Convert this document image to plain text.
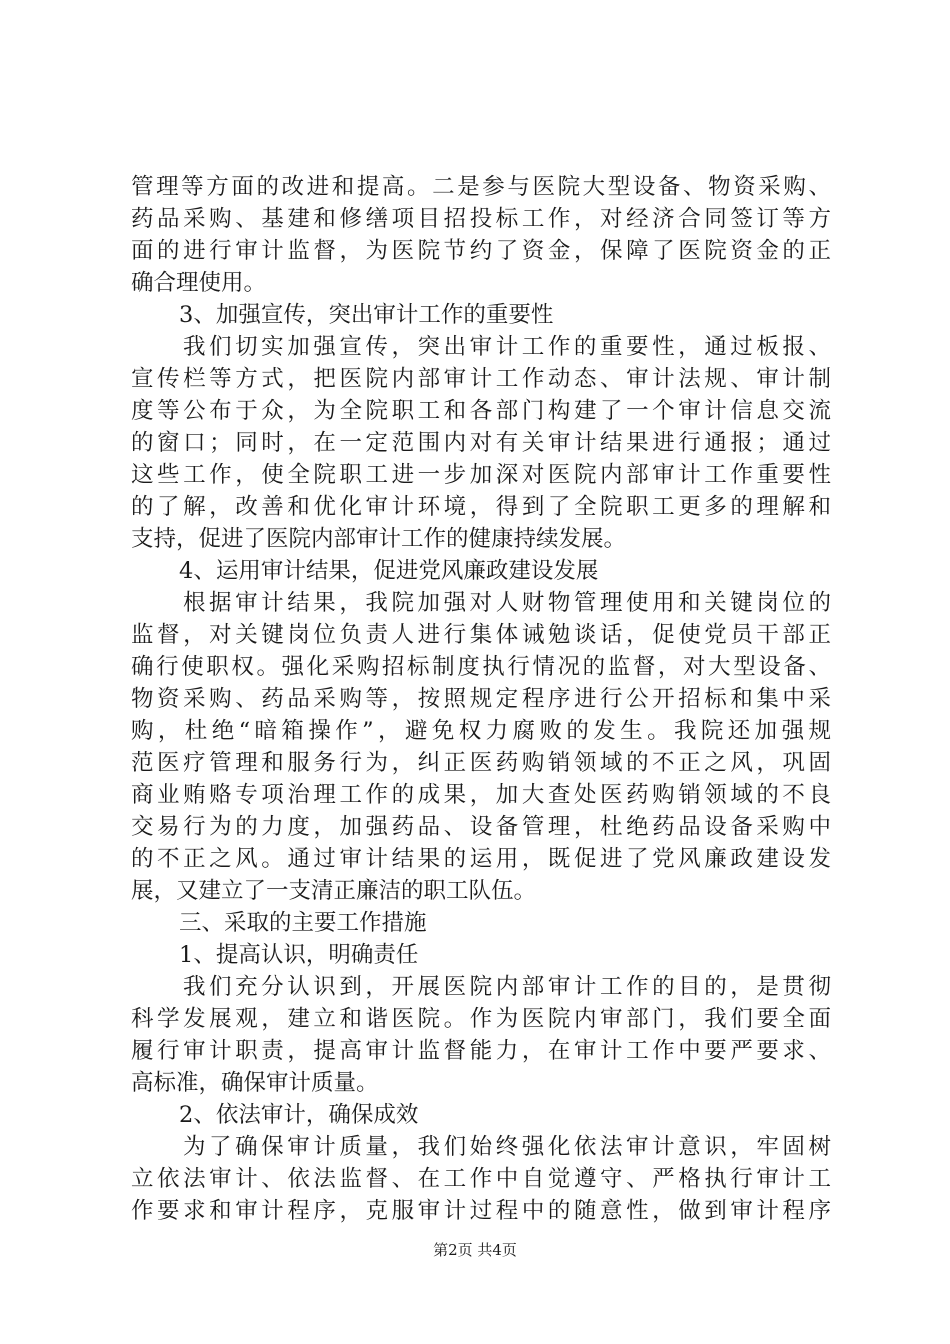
管理等方面的改进和提高。二是参与医院大型设备、物资采购、
药品采购、基建和修缮项目招投标工作，对经济合同签订等方
面的进行审计监督，为医院节约了资金，保障了医院资金的正
确合理使用。
3、加强宣传，突出审计工作的重要性
我们切实加强宣传，突出审计工作的重要性，通过板报、
宣传栏等方式，把医院内部审计工作动态、审计法规、审计制
度等公布于众，为全院职工和各部门构建了一个审计信息交流
的窗口；同时，在一定范围内对有关审计结果进行通报；通过
这些工作，使全院职工进一步加深对医院内部审计工作重要性
的了解，改善和优化审计环境，得到了全院职工更多的理解和
支持，促进了医院内部审计工作的健康持续发展。
4、运用审计结果，促进党风廉政建设发展
根据审计结果，我院加强对人财物管理使用和关键岗位的
监督，对关键岗位负责人进行集体诫勉谈话，促使党员干部正
确行使职权。强化采购招标制度执行情况的监督，对大型设备、
物资采购、药品采购等，按照规定程序进行公开招标和集中采
购，杜绝“暗箱操作”，避免权力腐败的发生。我院还加强规
范医疗管理和服务行为，纠正医药购销领域的不正之风，巩固
商业贿赂专项治理工作的成果，加大查处医药购销领域的不良
交易行为的力度，加强药品、设备管理，杜绝药品设备采购中
的不正之风。通过审计结果的运用，既促进了党风廉政建设发
展，又建立了一支清正廉洁的职工队伍。
三、采取的主要工作措施
1、提高认识，明确责任
我们充分认识到，开展医院内部审计工作的目的，是贯彻
科学发展观，建立和谐医院。作为医院内审部门，我们要全面
履行审计职责，提高审计监督能力，在审计工作中要严要求、
高标准，确保审计质量。
2、依法审计，确保成效
为了确保审计质量，我们始终强化依法审计意识，牢固树
立依法审计、依法监督、在工作中自觉遵守、严格执行审计工
作要求和审计程序，克服审计过程中的随意性，做到审计程序
第2页 共4页
